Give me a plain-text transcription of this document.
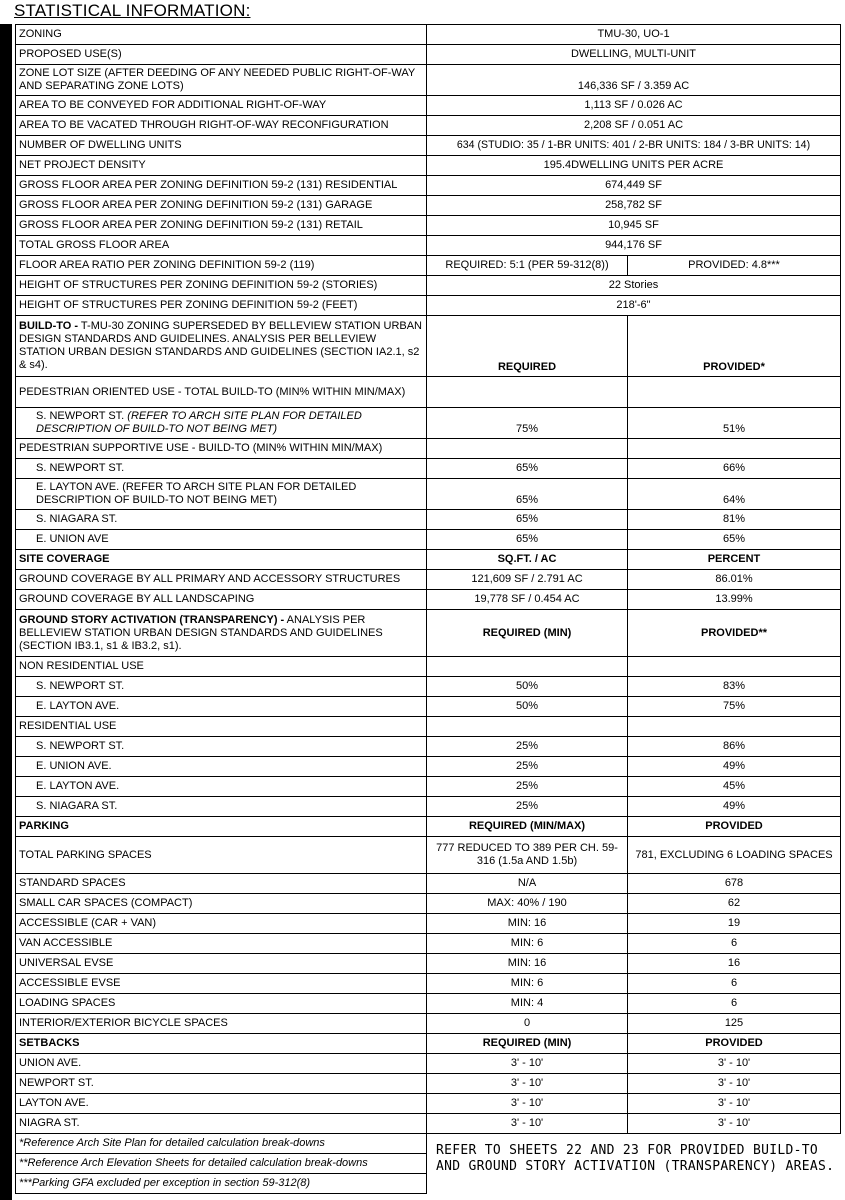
STATISTICAL INFORMATION:
ZONING	TMU-30, UO-1	
PROPOSED USE(S)	DWELLING, MULTI-UNIT	
ZONE LOT SIZE (AFTER DEEDING OF ANY NEEDED PUBLIC RIGHT-OF-WAY AND SEPARATING ZONE LOTS)	146,336 SF / 3.359 AC	
AREA TO BE CONVEYED FOR ADDITIONAL RIGHT-OF-WAY	1,113 SF / 0.026 AC	
AREA TO BE VACATED THROUGH RIGHT-OF-WAY RECONFIGURATION	2,208 SF / 0.051 AC	
NUMBER OF DWELLING UNITS	634 (STUDIO: 35 / 1-BR UNITS: 401 / 2-BR UNITS: 184 / 3-BR UNITS: 14)	
NET PROJECT DENSITY	195.4DWELLING UNITS PER ACRE	
GROSS FLOOR AREA PER ZONING DEFINITION 59-2 (131) RESIDENTIAL	674,449 SF	
GROSS FLOOR AREA PER ZONING DEFINITION 59-2 (131) GARAGE	258,782 SF	
GROSS FLOOR AREA PER ZONING DEFINITION 59-2 (131) RETAIL	10,945 SF	
TOTAL GROSS FLOOR AREA	944,176 SF	
FLOOR AREA RATIO PER ZONING DEFINITION 59-2 (119)	REQUIRED: 5:1 (PER 59-312(8))	PROVIDED: 4.8***
HEIGHT OF STRUCTURES PER ZONING DEFINITION 59-2 (STORIES)	22 Stories	
HEIGHT OF STRUCTURES PER ZONING DEFINITION 59-2 (FEET)	218'-6"	
BUILD-TO - T-MU-30 ZONING SUPERSEDED BY BELLEVIEW STATION URBAN DESIGN STANDARDS AND GUIDELINES. ANALYSIS PER BELLEVIEW STATION URBAN DESIGN STANDARDS AND GUIDELINES (SECTION IA2.1, s2 & s4).	REQUIRED	PROVIDED*
PEDESTRIAN ORIENTED USE - TOTAL BUILD-TO (MIN% WITHIN MIN/MAX)		
S. NEWPORT ST. (REFER TO ARCH SITE PLAN FOR DETAILED DESCRIPTION OF BUILD-TO NOT BEING MET)	75%	51%
PEDESTRIAN SUPPORTIVE USE - BUILD-TO (MIN% WITHIN MIN/MAX)		
S. NEWPORT ST.	65%	66%
E. LAYTON AVE. (REFER TO ARCH SITE PLAN FOR DETAILED DESCRIPTION OF BUILD-TO NOT BEING MET)	65%	64%
S. NIAGARA ST.	65%	81%
E. UNION AVE	65%	65%
SITE COVERAGE	SQ.FT. / AC	PERCENT
GROUND COVERAGE BY ALL PRIMARY AND ACCESSORY STRUCTURES	121,609 SF / 2.791 AC	86.01%
GROUND COVERAGE BY ALL LANDSCAPING	19,778 SF / 0.454 AC	13.99%
GROUND STORY ACTIVATION (TRANSPARENCY) - ANALYSIS PER BELLEVIEW STATION URBAN DESIGN STANDARDS AND GUIDELINES (SECTION IB3.1, s1 & IB3.2, s1).	REQUIRED (MIN)	PROVIDED**
NON RESIDENTIAL USE		
S. NEWPORT ST.	50%	83%
E. LAYTON AVE.	50%	75%
RESIDENTIAL USE		
S. NEWPORT ST.	25%	86%
E. UNION AVE.	25%	49%
E. LAYTON AVE.	25%	45%
S. NIAGARA ST.	25%	49%
PARKING	REQUIRED (MIN/MAX)	PROVIDED
TOTAL PARKING SPACES	777 REDUCED TO 389 PER CH. 59-316 (1.5a AND 1.5b)	781, EXCLUDING 6 LOADING SPACES
STANDARD SPACES	N/A	678
SMALL CAR SPACES (COMPACT)	MAX: 40% / 190	62
ACCESSIBLE (CAR + VAN)	MIN: 16	19
VAN ACCESSIBLE	MIN: 6	6
UNIVERSAL EVSE	MIN: 16	16
ACCESSIBLE EVSE	MIN: 6	6
LOADING SPACES	MIN: 4	6
INTERIOR/EXTERIOR BICYCLE SPACES	0	125
SETBACKS	REQUIRED (MIN)	PROVIDED
UNION AVE.	3' - 10'	3' - 10'
NEWPORT ST.	3' - 10'	3' - 10'
LAYTON AVE.	3' - 10'	3' - 10'
NIAGRA ST.	3' - 10'	3' - 10'
*Reference Arch Site Plan for detailed calculation break-downs		
**Reference Arch Elevation Sheets for detailed calculation break-downs		
***Parking GFA excluded per exception in section 59-312(8)		
REFER TO SHEETS 22 AND 23 FOR PROVIDED BUILD-TO AND GROUND STORY ACTIVATION (TRANSPARENCY) AREAS.
